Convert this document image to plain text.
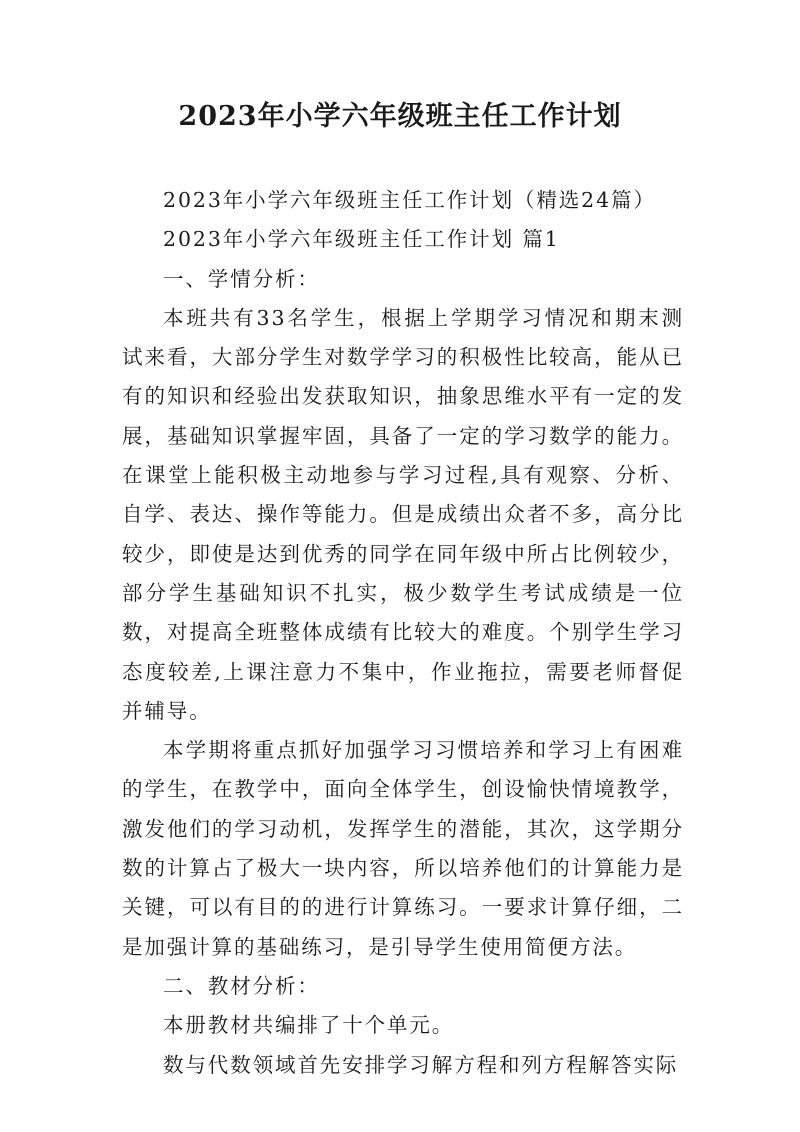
2023年小学六年级班主任工作计划

2023年小学六年级班主任工作计划（精选24篇）

2023年小学六年级班主任工作计划 篇1

一、学情分析：

本班共有33名学生，根据上学期学习情况和期末测试来看，大部分学生对数学学习的积极性比较高，能从已有的知识和经验出发获取知识，抽象思维水平有一定的发展，基础知识掌握牢固，具备了一定的学习数学的能力。在课堂上能积极主动地参与学习过程,具有观察、分析、自学、表达、操作等能力。但是成绩出众者不多，高分比较少，即使是达到优秀的同学在同年级中所占比例较少，部分学生基础知识不扎实，极少数学生考试成绩是一位数，对提高全班整体成绩有比较大的难度。个别学生学习态度较差,上课注意力不集中，作业拖拉，需要老师督促并辅导。

本学期将重点抓好加强学习习惯培养和学习上有困难的学生，在教学中，面向全体学生，创设愉快情境教学，激发他们的学习动机，发挥学生的潜能，其次，这学期分数的计算占了极大一块内容，所以培养他们的计算能力是关键，可以有目的的进行计算练习。一要求计算仔细，二是加强计算的基础练习，是引导学生使用简便方法。

二、教材分析：

本册教材共编排了十个单元。

数与代数领域首先安排学习解方程和列方程解答实际
